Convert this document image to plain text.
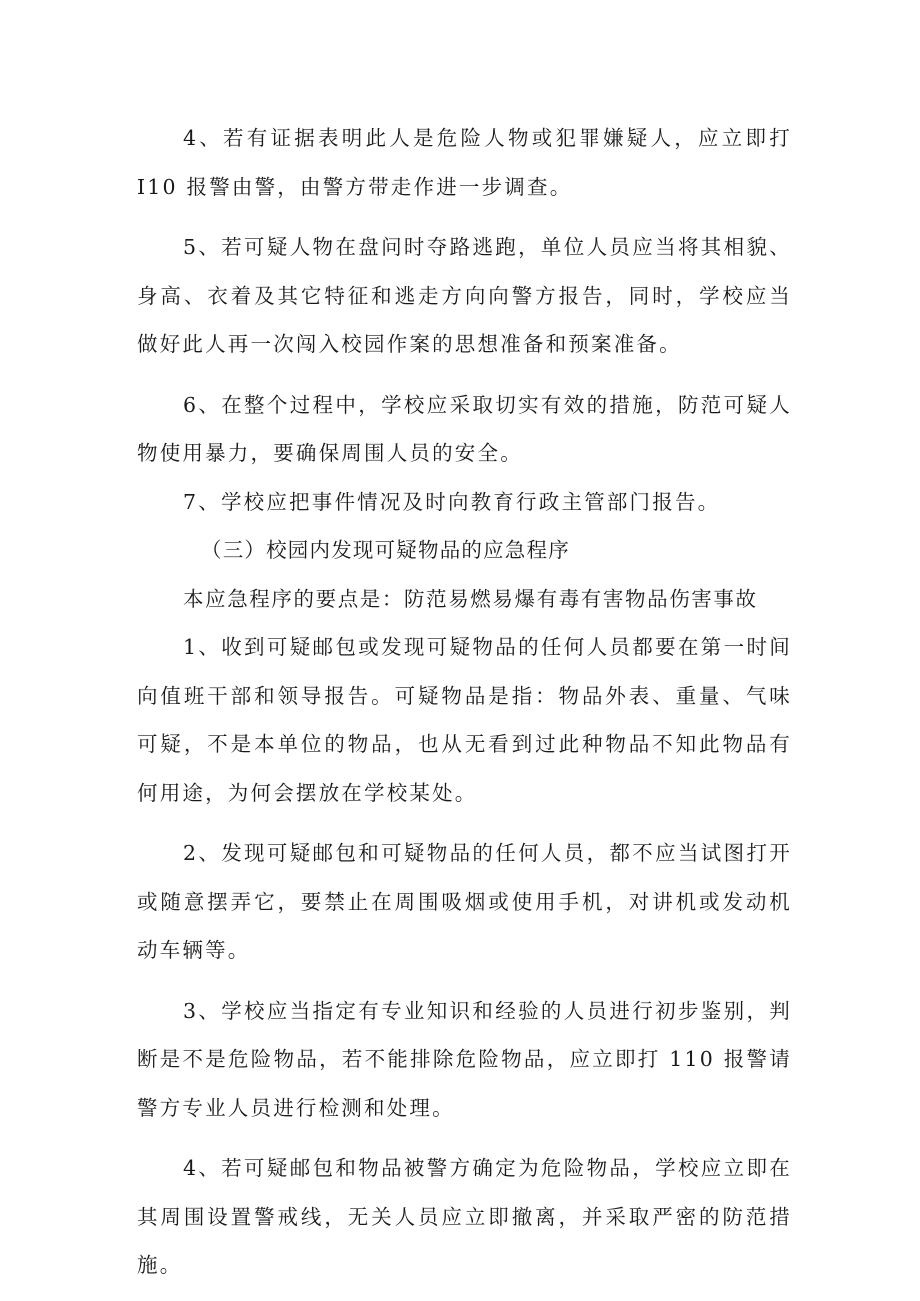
4、若有证据表明此人是危险人物或犯罪嫌疑人，应立即打 I10 报警由警，由警方带走作进一步调查。

5、若可疑人物在盘问时夺路逃跑，单位人员应当将其相貌、身高、衣着及其它特征和逃走方向向警方报告，同时，学校应当做好此人再一次闯入校园作案的思想准备和预案准备。

6、在整个过程中，学校应采取切实有效的措施，防范可疑人物使用暴力，要确保周围人员的安全。

7、学校应把事件情况及时向教育行政主管部门报告。

（三）校园内发现可疑物品的应急程序

本应急程序的要点是：防范易燃易爆有毒有害物品伤害事故

1、收到可疑邮包或发现可疑物品的任何人员都要在第一时间向值班干部和领导报告。可疑物品是指：物品外表、重量、气味可疑，不是本单位的物品，也从无看到过此种物品不知此物品有何用途，为何会摆放在学校某处。

2、发现可疑邮包和可疑物品的任何人员，都不应当试图打开或随意摆弄它，要禁止在周围吸烟或使用手机，对讲机或发动机动车辆等。

3、学校应当指定有专业知识和经验的人员进行初步鉴别，判断是不是危险物品，若不能排除危险物品，应立即打 110 报警请警方专业人员进行检测和处理。

4、若可疑邮包和物品被警方确定为危险物品，学校应立即在其周围设置警戒线，无关人员应立即撤离，并采取严密的防范措施。
